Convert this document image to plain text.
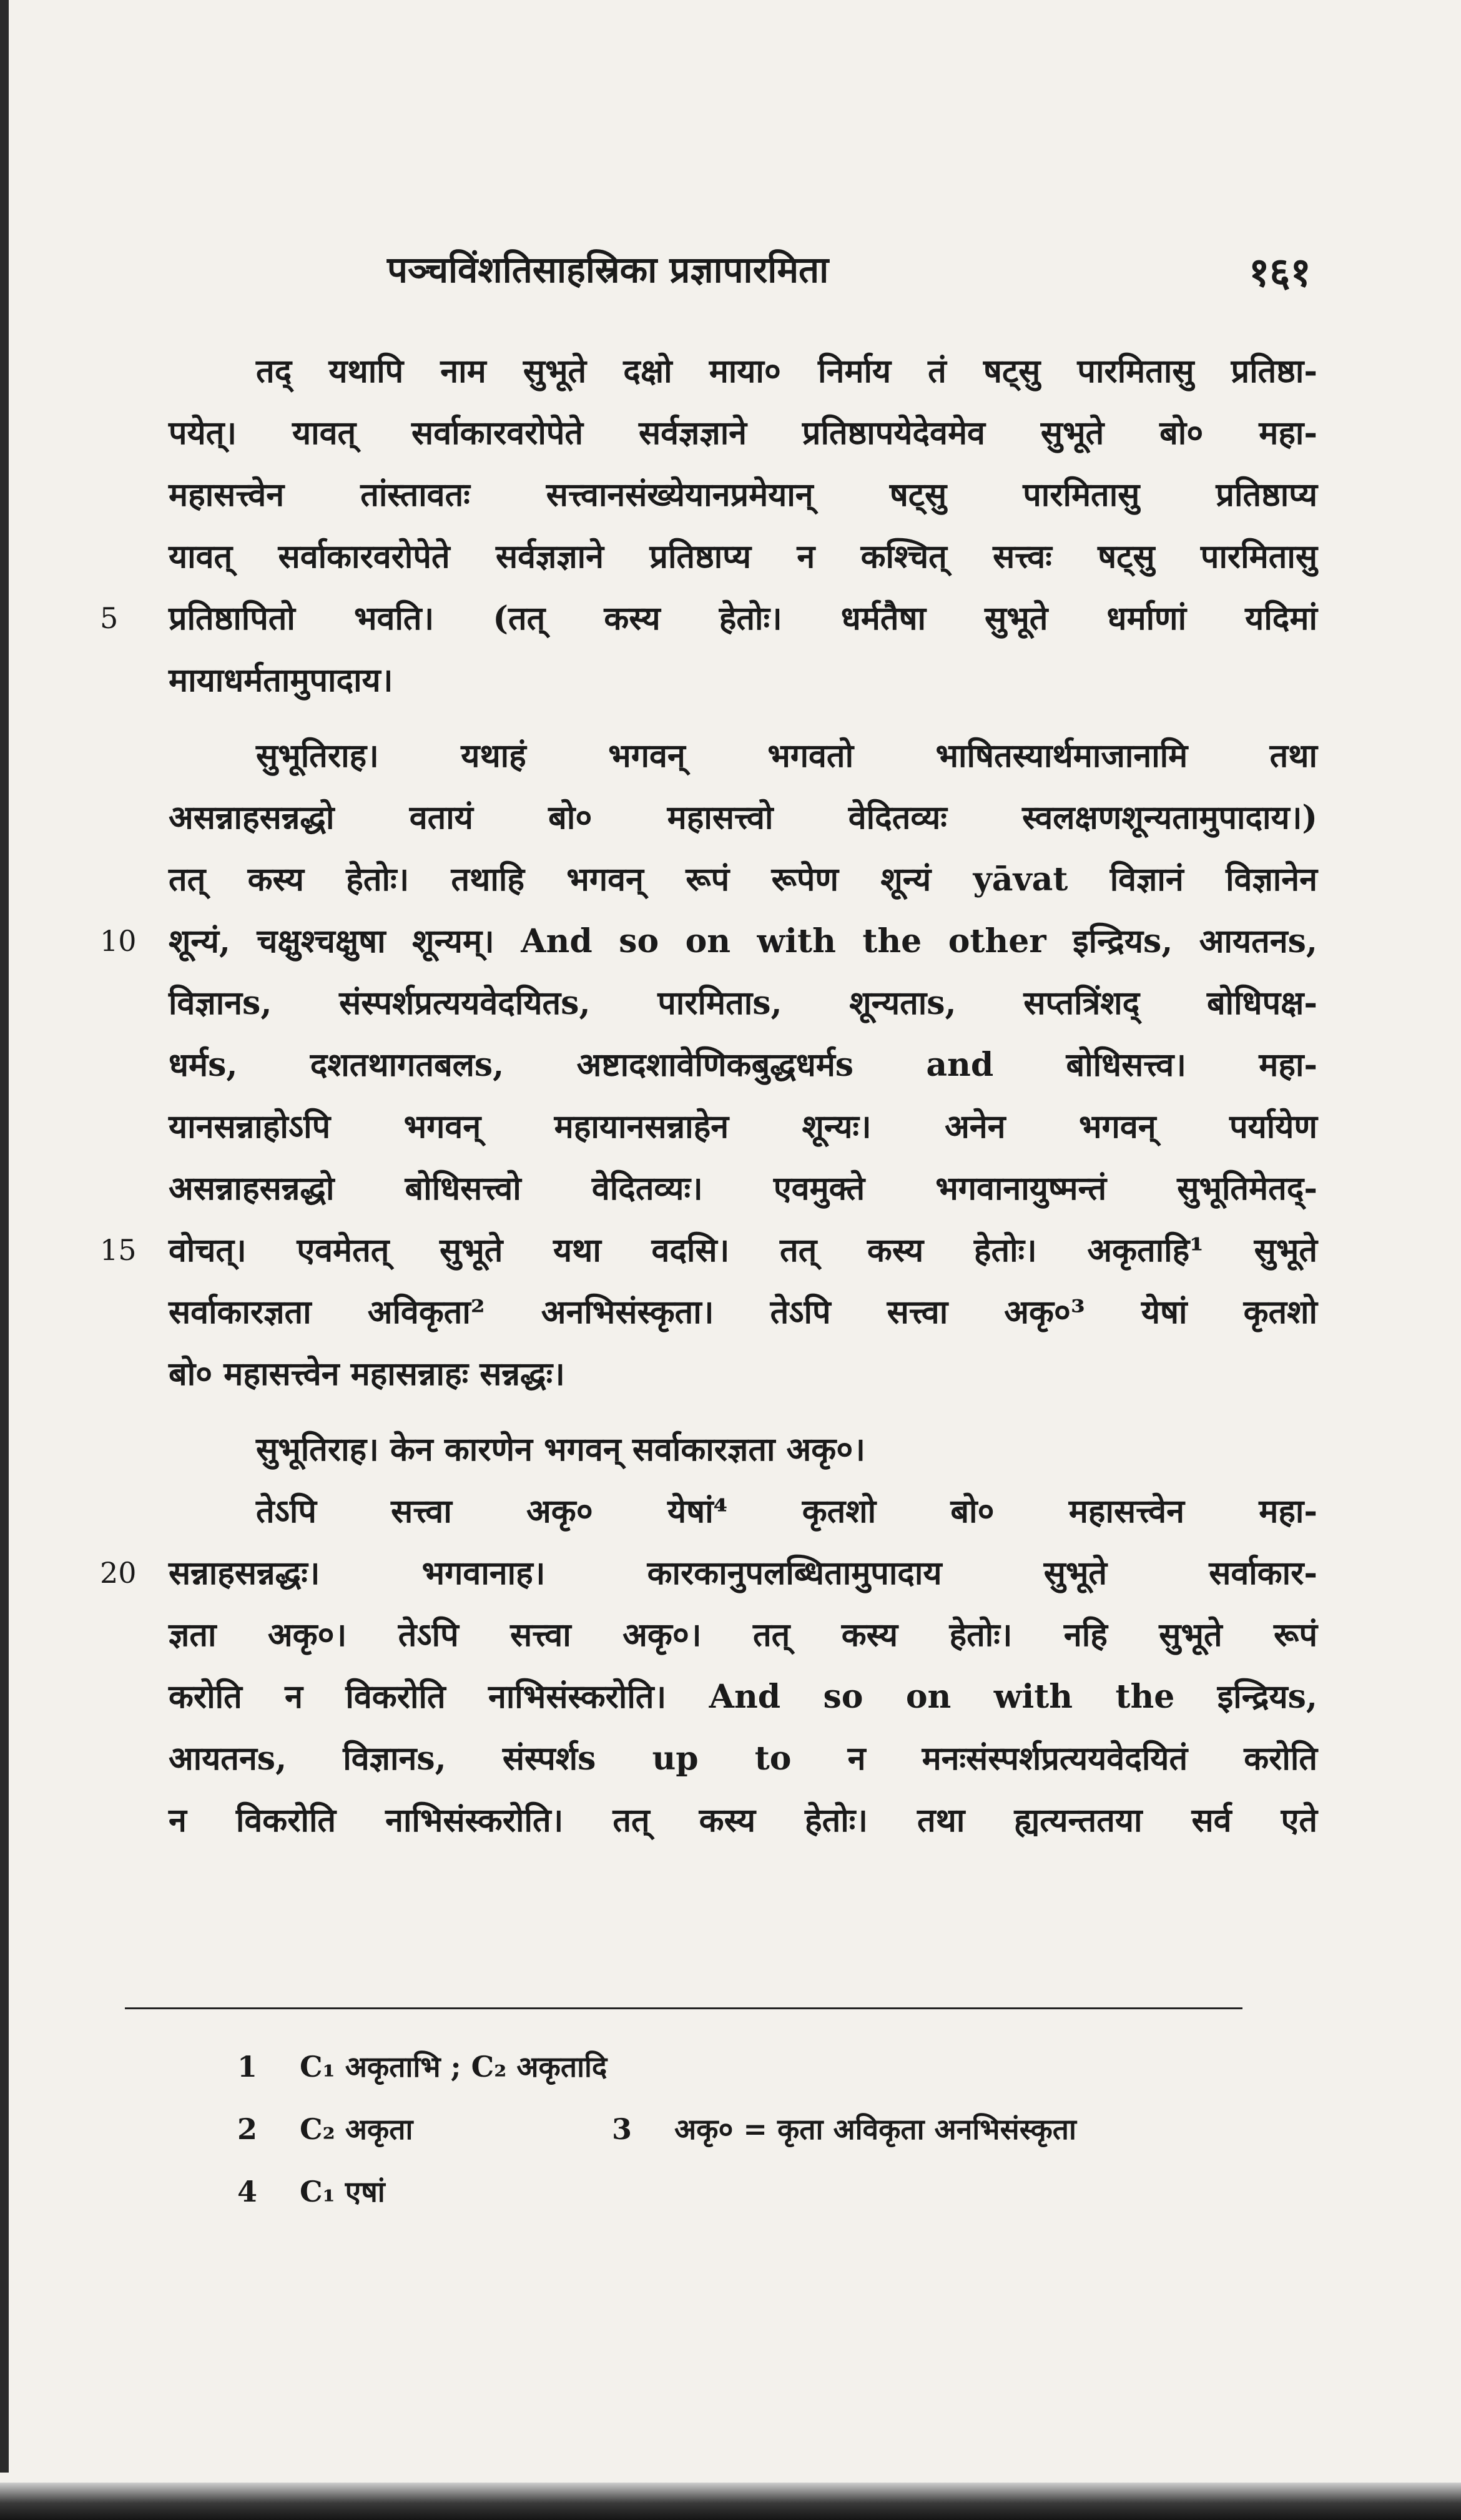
पञ्चविंशतिसाहस्रिका प्रज्ञापारमिता	१६१
तद् यथापि नाम सुभूते दक्षो माया० निर्माय तं षट्सु पारमितासु प्रतिष्ठा-
पयेत्। यावत् सर्वाकारवरोपेते सर्वज्ञज्ञाने प्रतिष्ठापयेदेवमेव सुभूते बो० महा-
महासत्त्वेन तांस्तावतः सत्त्वानसंख्येयानप्रमेयान् षट्सु पारमितासु प्रतिष्ठाप्य
यावत् सर्वाकारवरोपेते सर्वज्ञज्ञाने प्रतिष्ठाप्य न कश्चित् सत्त्वः षट्सु पारमितासु
5	प्रतिष्ठापितो भवति। (तत् कस्य हेतोः। धर्मतैषा सुभूते धर्माणां यदिमां
मायाधर्मतामुपादाय।
सुभूतिराह। यथाहं भगवन् भगवतो भाषितस्यार्थमाजानामि तथा
असन्नाहसन्नद्धो वतायं बो० महासत्त्वो वेदितव्यः स्वलक्षणशून्यतामुपादाय।)
तत् कस्य हेतोः। तथाहि भगवन् रूपं रूपेण शून्यं yāvat विज्ञानं विज्ञानेन
10 शून्यं, चक्षुश्चक्षुषा शून्यम्। And so on with the other इन्द्रियs, आयतनs,
विज्ञानs, संस्पर्शप्रत्ययवेदयितs, पारमिताs, शून्यताs, सप्तत्रिंशद् बोधिपक्ष-
धर्मs, दशतथागतबलs, अष्टादशावेणिकबुद्धधर्मs and बोधिसत्त्व। महा-
यानसन्नाहोऽपि भगवन् महायानसन्नाहेन शून्यः। अनेन भगवन् पर्यायेण
असन्नाहसन्नद्धो बोधिसत्त्वो वेदितव्यः। एवमुक्ते भगवानायुष्मन्तं सुभूतिमेतद्-
15 वोचत्। एवमेतत् सुभूते यथा वदसि। तत् कस्य हेतोः। अकृताहि¹ सुभूते
सर्वाकारज्ञता अविकृता² अनभिसंस्कृता। तेऽपि सत्त्वा अकृ०³ येषां कृतशो
बो० महासत्त्वेन महासन्नाहः सन्नद्धः।
सुभूतिराह। केन कारणेन भगवन् सर्वाकारज्ञता अकृ०।
तेऽपि सत्त्वा अकृ० येषां⁴ कृतशो बो० महासत्त्वेन महा-
20 सन्नाहसन्नद्धः। भगवानाह। कारकानुपलब्धितामुपादाय सुभूते सर्वाकार-
ज्ञता अकृ०। तेऽपि सत्त्वा अकृ०। तत् कस्य हेतोः। नहि सुभूते रूपं
करोति न विकरोति नाभिसंस्करोति। And so on with the इन्द्रियs,
आयतनs, विज्ञानs, संस्पर्शs up to न मनःसंस्पर्शप्रत्ययवेदयितं करोति
न विकरोति नाभिसंस्करोति। तत् कस्य हेतोः। तथा ह्यत्यन्ततया सर्व एते
1 C₁ अकृताभि ; C₂ अकृतादि
2 C₂ अकृता	3 अकृ० = कृता अविकृता अनभिसंस्कृता
4 C₁ एषां
